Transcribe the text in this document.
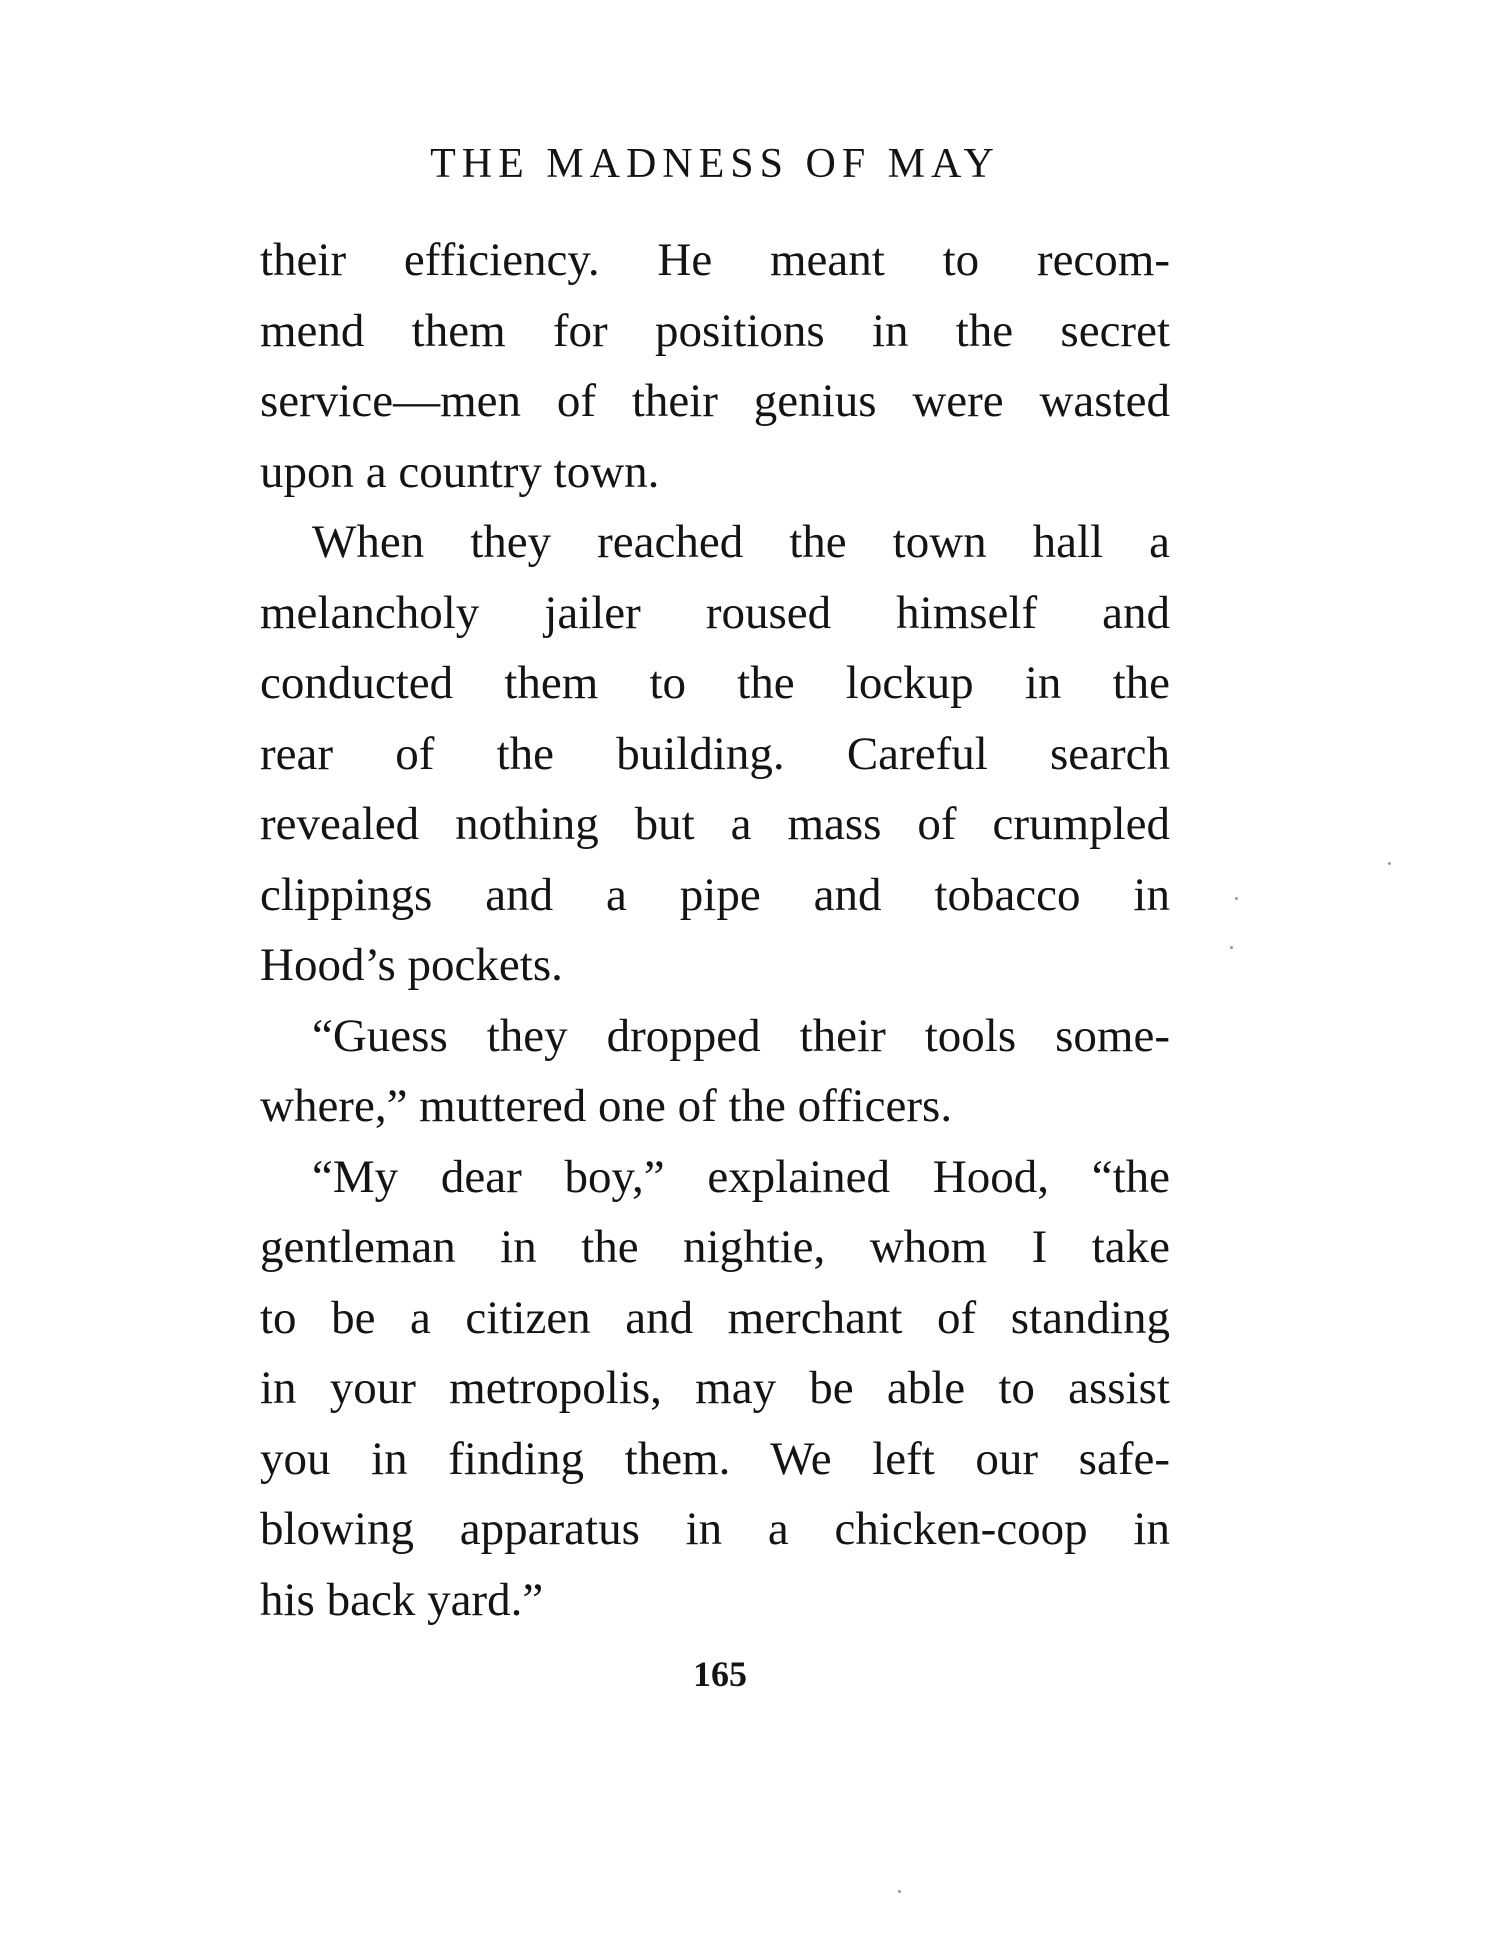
THE MADNESS OF MAY
their efficiency. He meant to recom-
mend them for positions in the secret
service—men of their genius were wasted
upon a country town.
When they reached the town hall a
melancholy jailer roused himself and
conducted them to the lockup in the
rear of the building. Careful search
revealed nothing but a mass of crumpled
clippings and a pipe and tobacco in
Hood’s pockets.
“Guess they dropped their tools some-
where,” muttered one of the officers.
“My dear boy,” explained Hood, “the
gentleman in the nightie, whom I take
to be a citizen and merchant of standing
in your metropolis, may be able to assist
you in finding them. We left our safe-
blowing apparatus in a chicken-coop in
his back yard.”
165
